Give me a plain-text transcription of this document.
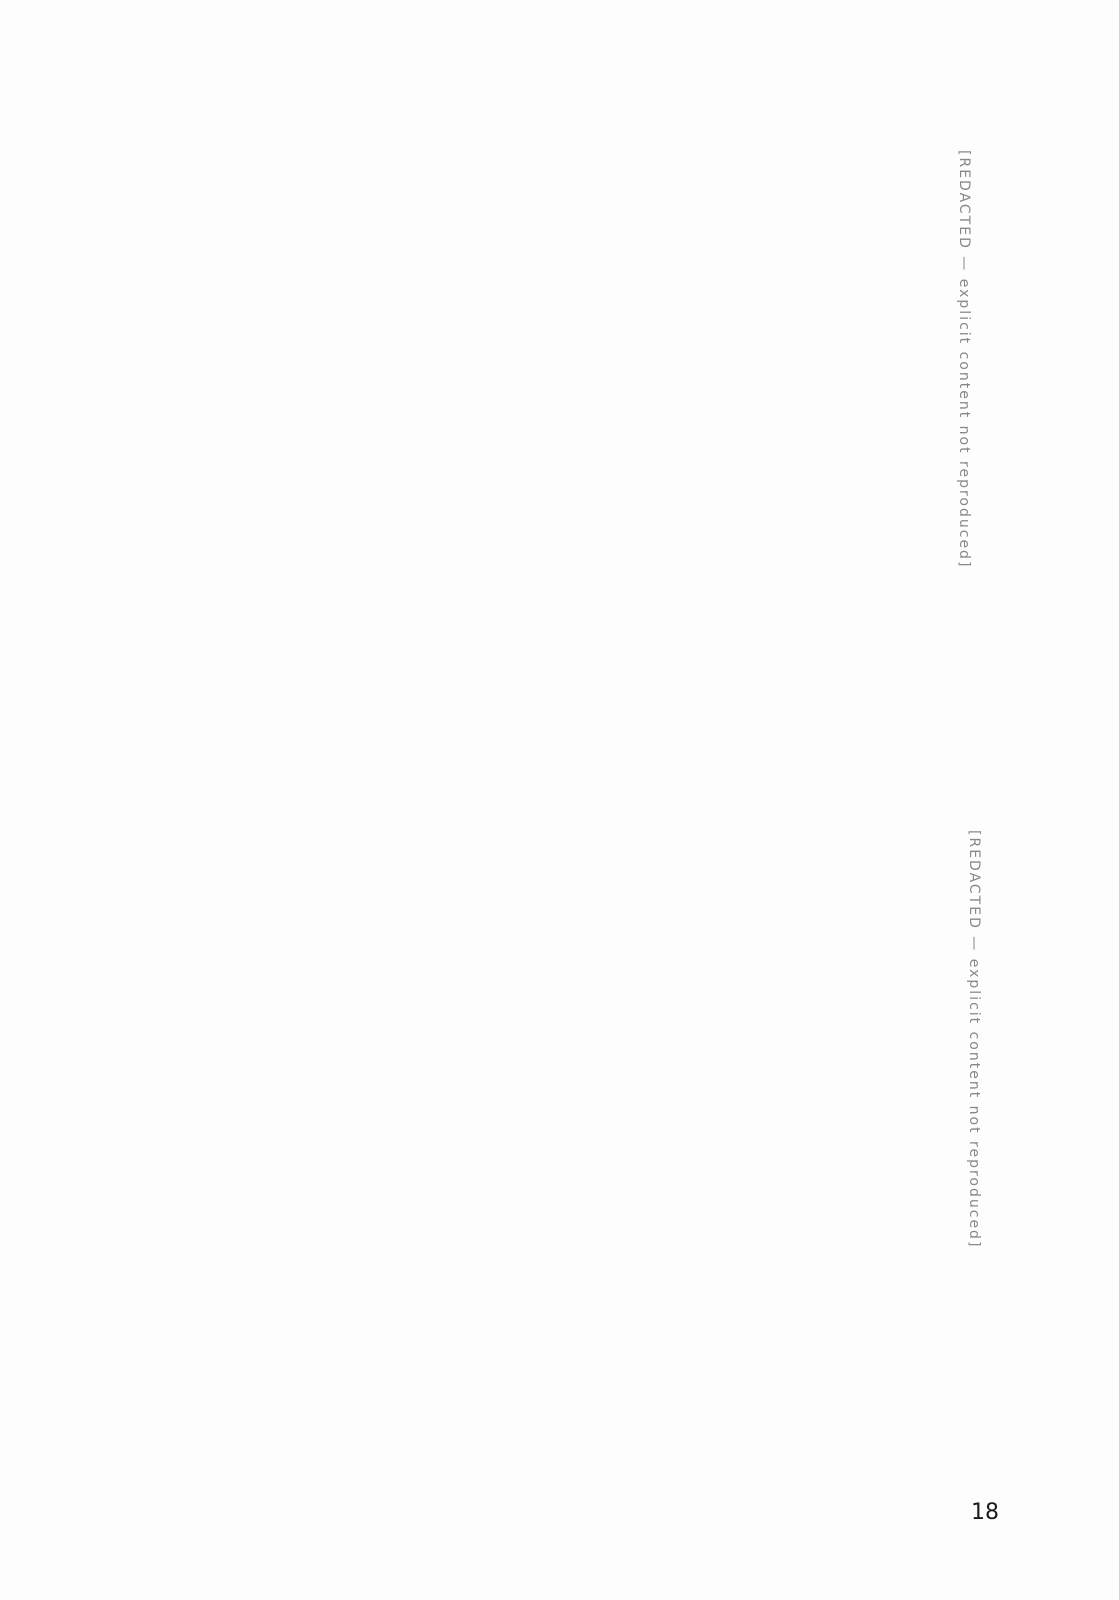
[REDACTED — explicit content not reproduced]
[REDACTED — explicit content not reproduced]
18
